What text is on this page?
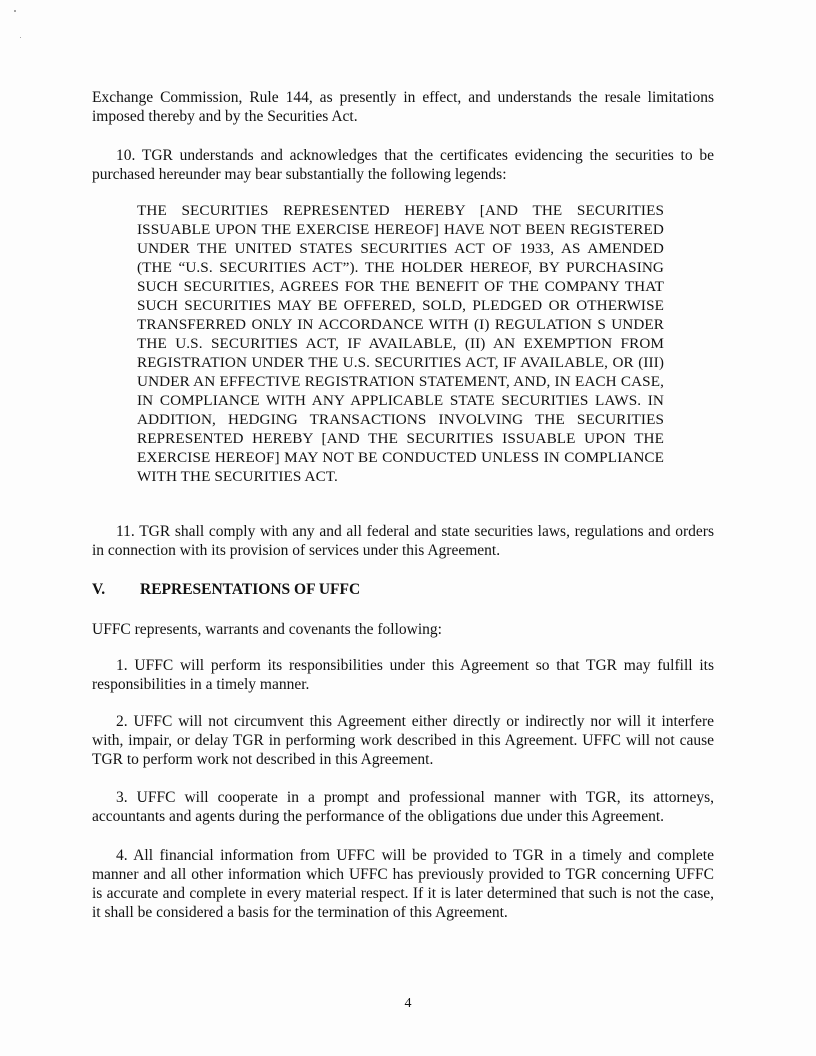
Exchange Commission, Rule 144, as presently in effect, and understands the resale limitations imposed thereby and by the Securities Act.

10. TGR understands and acknowledges that the certificates evidencing the securities to be purchased hereunder may bear substantially the following legends:

THE SECURITIES REPRESENTED HEREBY [AND THE SECURITIES ISSUABLE UPON THE EXERCISE HEREOF] HAVE NOT BEEN REGISTERED UNDER THE UNITED STATES SECURITIES ACT OF 1933, AS AMENDED (THE “U.S. SECURITIES ACT”). THE HOLDER HEREOF, BY PURCHASING SUCH SECURITIES, AGREES FOR THE BENEFIT OF THE COMPANY THAT SUCH SECURITIES MAY BE OFFERED, SOLD, PLEDGED OR OTHERWISE TRANSFERRED ONLY IN ACCORDANCE WITH (I) REGULATION S UNDER THE U.S. SECURITIES ACT, IF AVAILABLE, (II) AN EXEMPTION FROM REGISTRATION UNDER THE U.S. SECURITIES ACT, IF AVAILABLE, OR (III) UNDER AN EFFECTIVE REGISTRATION STATEMENT, AND, IN EACH CASE, IN COMPLIANCE WITH ANY APPLICABLE STATE SECURITIES LAWS. IN ADDITION, HEDGING TRANSACTIONS INVOLVING THE SECURITIES REPRESENTED HEREBY [AND THE SECURITIES ISSUABLE UPON THE EXERCISE HEREOF] MAY NOT BE CONDUCTED UNLESS IN COMPLIANCE WITH THE SECURITIES ACT.

11. TGR shall comply with any and all federal and state securities laws, regulations and orders in connection with its provision of services under this Agreement.

V. REPRESENTATIONS OF UFFC

UFFC represents, warrants and covenants the following:

1. UFFC will perform its responsibilities under this Agreement so that TGR may fulfill its responsibilities in a timely manner.

2. UFFC will not circumvent this Agreement either directly or indirectly nor will it interfere with, impair, or delay TGR in performing work described in this Agreement. UFFC will not cause TGR to perform work not described in this Agreement.

3. UFFC will cooperate in a prompt and professional manner with TGR, its attorneys, accountants and agents during the performance of the obligations due under this Agreement.

4. All financial information from UFFC will be provided to TGR in a timely and complete manner and all other information which UFFC has previously provided to TGR concerning UFFC is accurate and complete in every material respect. If it is later determined that such is not the case, it shall be considered a basis for the termination of this Agreement.

4
